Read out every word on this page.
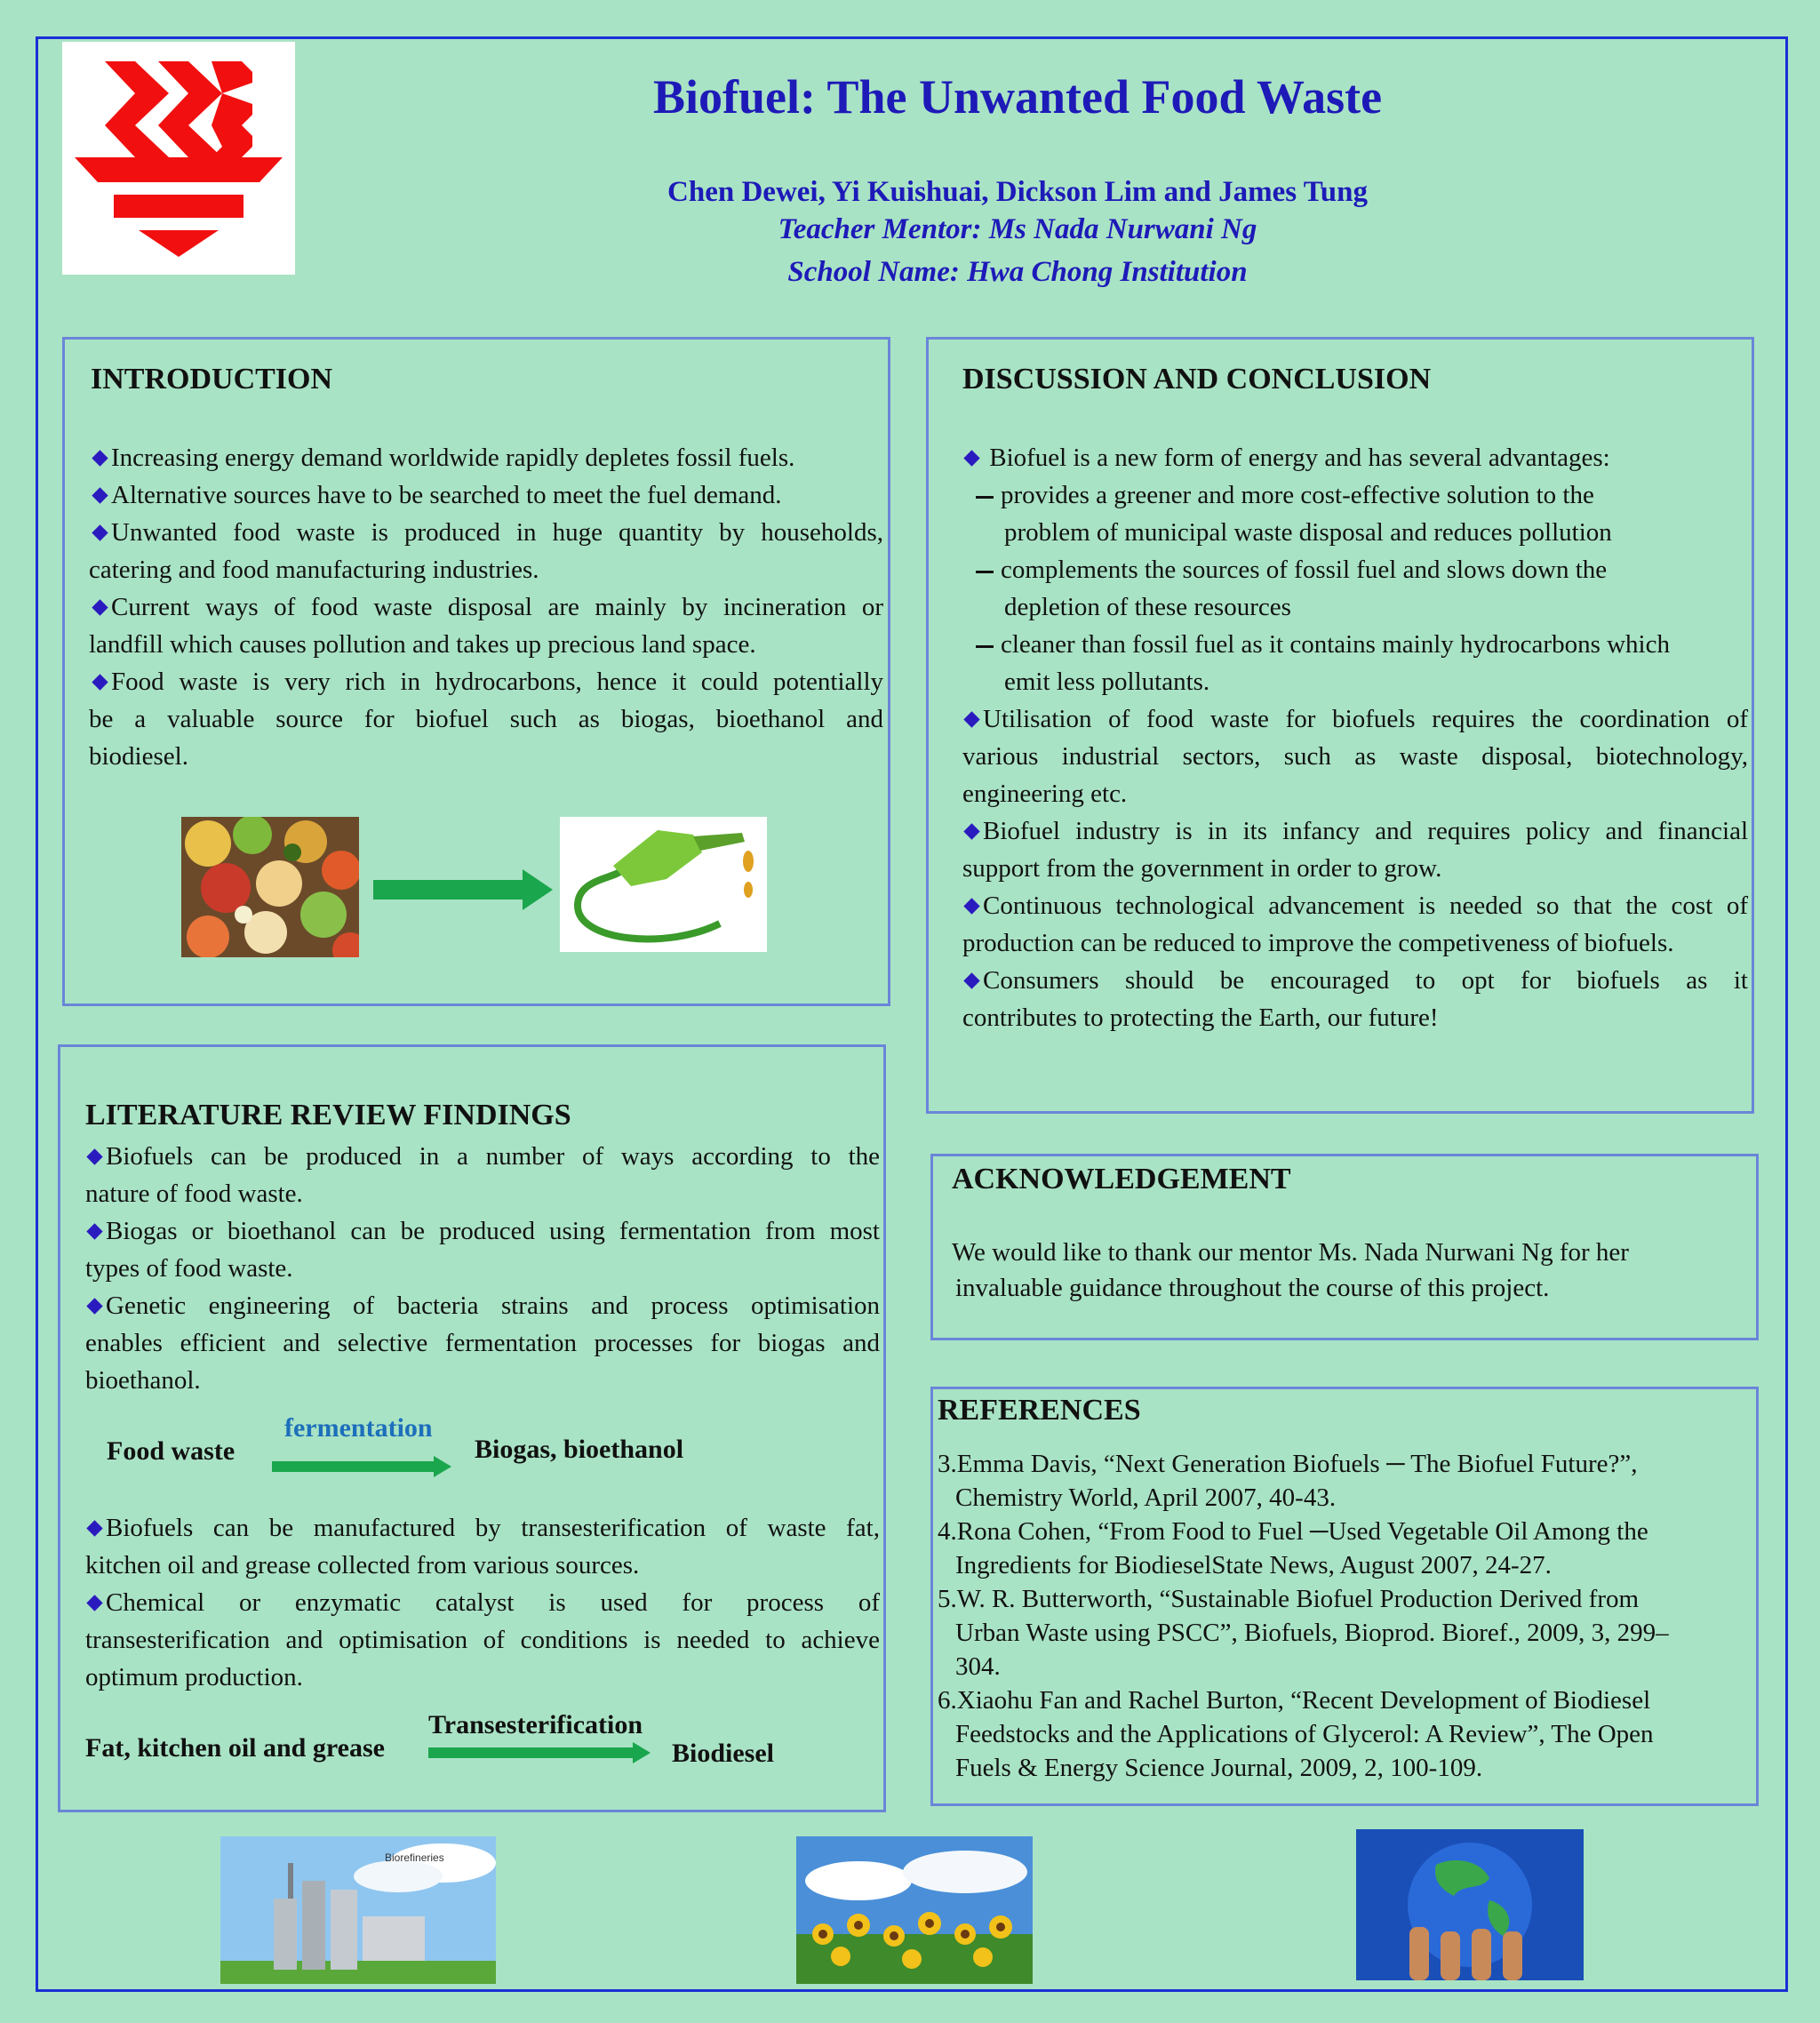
Biofuel: The Unwanted Food Waste
Chen Dewei, Yi Kuishuai, Dickson Lim and James Tung
Teacher Mentor: Ms Nada Nurwani Ng
School Name: Hwa Chong Institution
INTRODUCTION
Increasing energy demand worldwide rapidly depletes fossil fuels.
Alternative sources have to be searched to meet the fuel demand.
Unwanted food waste is produced in huge quantity by households,
catering and food manufacturing industries.
Current ways of food waste disposal are mainly by incineration or
landfill which causes pollution and takes up precious land space.
Food waste is very rich in hydrocarbons, hence it could potentially
be a valuable source for biofuel such as biogas, bioethanol and
biodiesel.
LITERATURE REVIEW FINDINGS
Biofuels can be produced in a number of ways according to the
nature of food waste.
Biogas or bioethanol can be produced using fermentation from most
types of food waste.
Genetic engineering of bacteria strains and process optimisation
enables efficient and selective fermentation processes for biogas and
bioethanol.
Food waste
fermentation
Biogas, bioethanol
Biofuels can be manufactured by transesterification of waste fat,
kitchen oil and grease collected from various sources.
Chemical or enzymatic catalyst is used for process of
transesterification and optimisation of conditions is needed to achieve
optimum production.
Transesterification
Fat, kitchen oil and grease	Biodiesel
DISCUSSION AND CONCLUSION
Biofuel is a new form of energy and has several advantages:
provides a greener and more cost-effective solution to the
problem of municipal waste disposal and reduces pollution
complements the sources of fossil fuel and slows down the
depletion of these resources
cleaner than fossil fuel as it contains mainly hydrocarbons which
emit less pollutants.
Utilisation of food waste for biofuels requires the coordination of
various industrial sectors, such as waste disposal, biotechnology,
engineering etc.
Biofuel industry is in its infancy and requires policy and financial
support from the government in order to grow.
Continuous technological advancement is needed so that the cost of
production can be reduced to improve the competiveness of biofuels.
Consumers should be encouraged to opt for biofuels as it
contributes to protecting the Earth, our future!
ACKNOWLEDGEMENT
We would like to thank our mentor Ms. Nada Nurwani Ng for her
invaluable guidance throughout the course of this project.
REFERENCES
3.Emma Davis, “Next Generation Biofuels ─ The Biofuel Future?”,
Chemistry World, April 2007, 40-43.
4.Rona Cohen, “From Food to Fuel ─Used Vegetable Oil Among the
Ingredients for BiodieselState News, August 2007, 24-27.
5.W. R. Butterworth, “Sustainable Biofuel Production Derived from
Urban Waste using PSCC”, Biofuels, Bioprod. Bioref., 2009, 3, 299–
304.
6.Xiaohu Fan and Rachel Burton, “Recent Development of Biodiesel
Feedstocks and the Applications of Glycerol: A Review”, The Open
Fuels & Energy Science Journal, 2009, 2, 100-109.
Biorefineries
